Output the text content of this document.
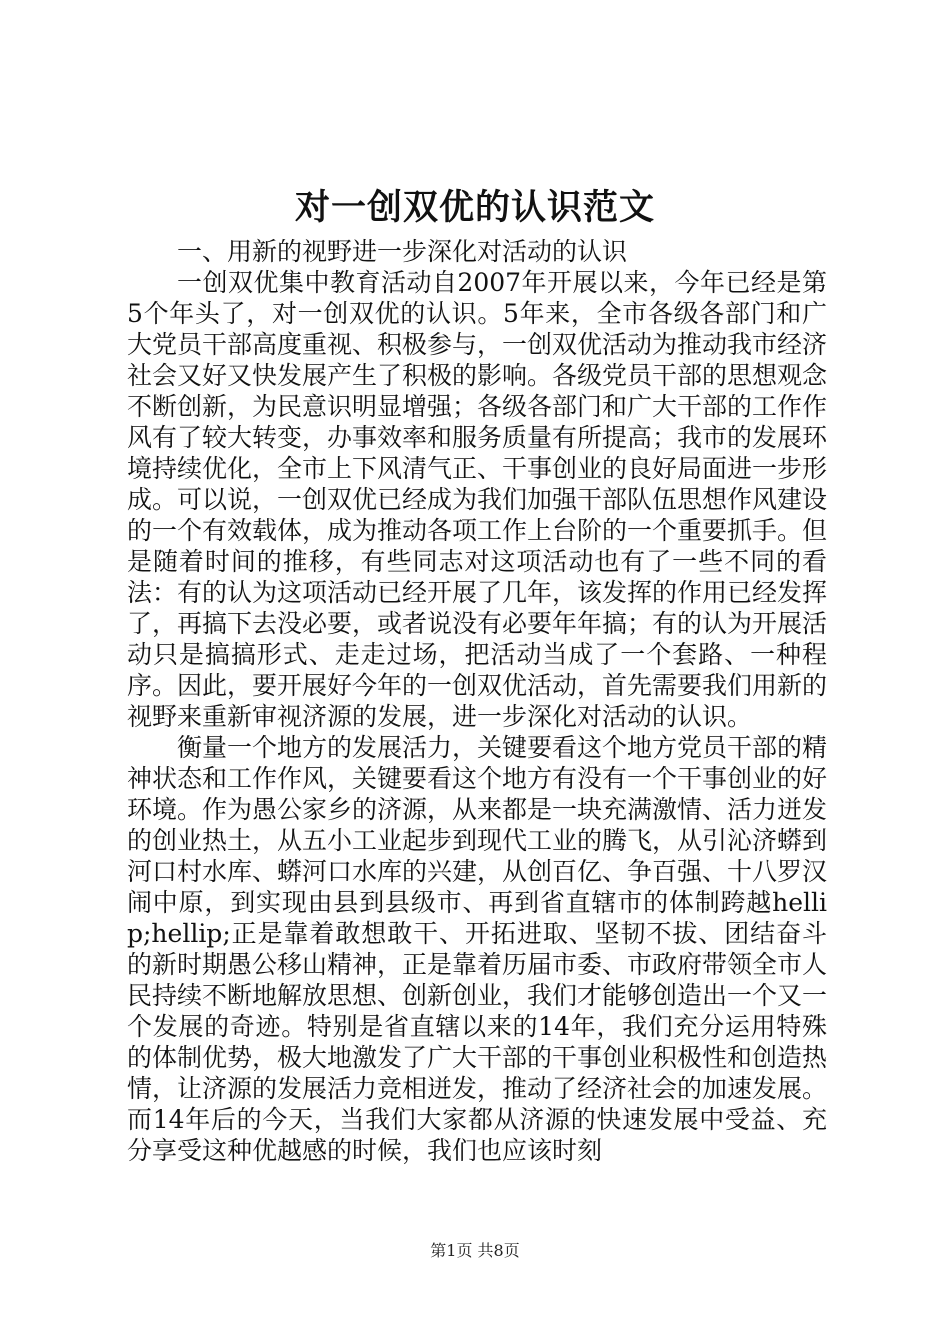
对一创双优的认识范文

一、用新的视野进一步深化对活动的认识

一创双优集中教育活动自2007年开展以来，今年已经是第5个年头了，对一创双优的认识。5年来，全市各级各部门和广大党员干部高度重视、积极参与，一创双优活动为推动我市经济社会又好又快发展产生了积极的影响。各级党员干部的思想观念不断创新，为民意识明显增强；各级各部门和广大干部的工作作风有了较大转变，办事效率和服务质量有所提高；我市的发展环境持续优化，全市上下风清气正、干事创业的良好局面进一步形成。可以说，一创双优已经成为我们加强干部队伍思想作风建设的一个有效载体，成为推动各项工作上台阶的一个重要抓手。但是随着时间的推移，有些同志对这项活动也有了一些不同的看法：有的认为这项活动已经开展了几年，该发挥的作用已经发挥了，再搞下去没必要，或者说没有必要年年搞；有的认为开展活动只是搞搞形式、走走过场，把活动当成了一个套路、一种程序。因此，要开展好今年的一创双优活动，首先需要我们用新的视野来重新审视济源的发展，进一步深化对活动的认识。

衡量一个地方的发展活力，关键要看这个地方党员干部的精神状态和工作作风，关键要看这个地方有没有一个干事创业的好环境。作为愚公家乡的济源，从来都是一块充满激情、活力迸发的创业热土，从五小工业起步到现代工业的腾飞，从引沁济蟒到河口村水库、蟒河口水库的兴建，从创百亿、争百强、十八罗汉闹中原，到实现由县到县级市、再到省直辖市的体制跨越hellip;hellip;正是靠着敢想敢干、开拓进取、坚韧不拔、团结奋斗的新时期愚公移山精神，正是靠着历届市委、市政府带领全市人民持续不断地解放思想、创新创业，我们才能够创造出一个又一个发展的奇迹。特别是省直辖以来的14年，我们充分运用特殊的体制优势，极大地激发了广大干部的干事创业积极性和创造热情，让济源的发展活力竞相迸发，推动了经济社会的加速发展。而14年后的今天，当我们大家都从济源的快速发展中受益、充分享受这种优越感的时候，我们也应该时刻

第1页 共8页
